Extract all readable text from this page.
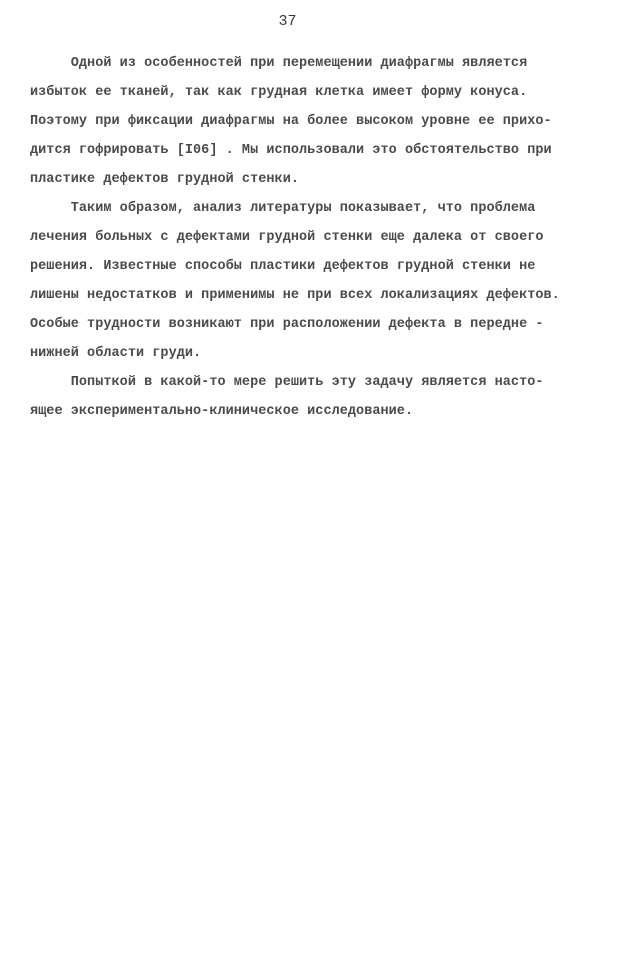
37
Одной из особенностей при перемещении диафрагмы является
избыток ее тканей, так как грудная клетка имеет форму конуса.
Поэтому при фиксации диафрагмы на более высоком уровне ее прихо-
дится гофрировать [I06] . Мы использовали это обстоятельство при
пластике дефектов грудной стенки.
Таким образом, анализ литературы показывает, что проблема
лечения больных с дефектами грудной стенки еще далека от своего
решения. Известные способы пластики дефектов грудной стенки не
лишены недостатков и применимы не при всех локализациях дефектов.
Особые трудности возникают при расположении дефекта в передне -
нижней области груди.
Попыткой в какой-то мере решить эту задачу является насто-
ящее экспериментально-клиническое исследование.
